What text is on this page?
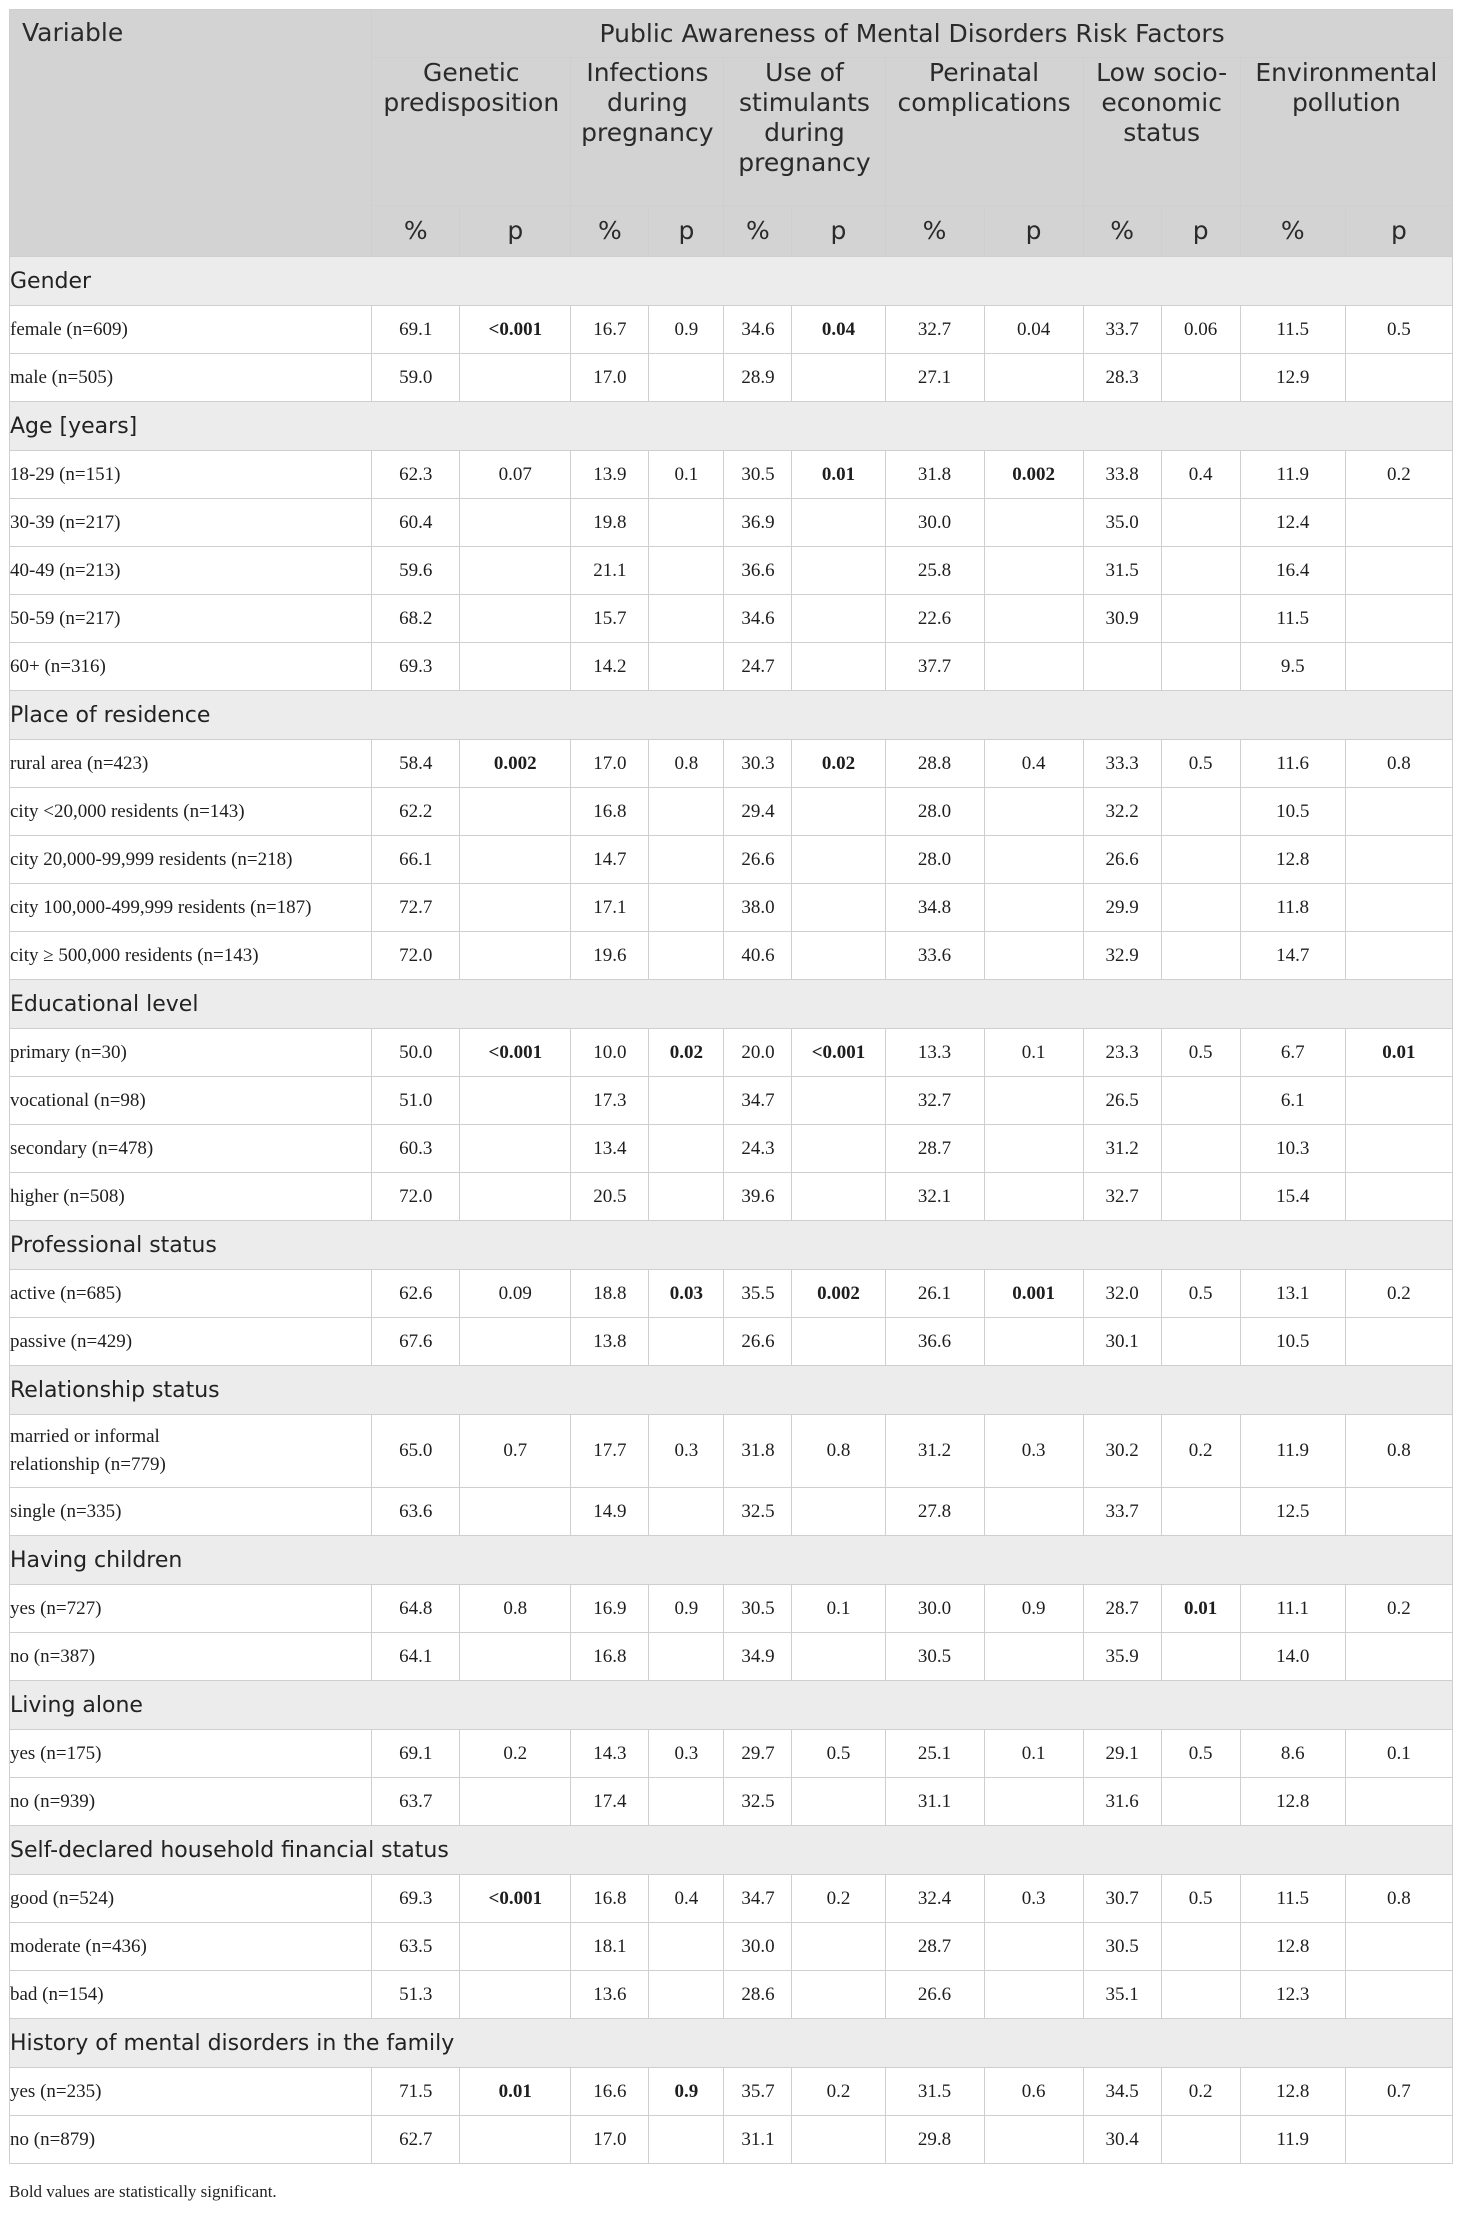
Variable	Public Awareness of Mental Disorders Risk Factors											
	Genetic predisposition		Infections during pregnancy		Use of stimulants during pregnancy		Perinatal complications		Low socio-economic status		Environmental pollution	
	%	p	%	p	%	p	%	p	%	p	%	p
Gender												
female (n=609)	69.1	<0.001	16.7	0.9	34.6	0.04	32.7	0.04	33.7	0.06	11.5	0.5
male (n=505)	59.0		17.0		28.9		27.1		28.3		12.9	
Age [years]												
18-29 (n=151)	62.3	0.07	13.9	0.1	30.5	0.01	31.8	0.002	33.8	0.4	11.9	0.2
30-39 (n=217)	60.4		19.8		36.9		30.0		35.0		12.4	
40-49 (n=213)	59.6		21.1		36.6		25.8		31.5		16.4	
50-59 (n=217)	68.2		15.7		34.6		22.6		30.9		11.5	
60+ (n=316)	69.3		14.2		24.7		37.7				9.5	
Place of residence												
rural area (n=423)	58.4	0.002	17.0	0.8	30.3	0.02	28.8	0.4	33.3	0.5	11.6	0.8
city <20,000 residents (n=143)	62.2		16.8		29.4		28.0		32.2		10.5	
city 20,000-99,999 residents (n=218)	66.1		14.7		26.6		28.0		26.6		12.8	
city 100,000-499,999 residents (n=187)	72.7		17.1		38.0		34.8		29.9		11.8	
city ≥ 500,000 residents (n=143)	72.0		19.6		40.6		33.6		32.9		14.7	
Educational level												
primary (n=30)	50.0	<0.001	10.0	0.02	20.0	<0.001	13.3	0.1	23.3	0.5	6.7	0.01
vocational (n=98)	51.0		17.3		34.7		32.7		26.5		6.1	
secondary (n=478)	60.3		13.4		24.3		28.7		31.2		10.3	
higher (n=508)	72.0		20.5		39.6		32.1		32.7		15.4	
Professional status												
active (n=685)	62.6	0.09	18.8	0.03	35.5	0.002	26.1	0.001	32.0	0.5	13.1	0.2
passive (n=429)	67.6		13.8		26.6		36.6		30.1		10.5	
Relationship status												
married or informal relationship (n=779)	65.0	0.7	17.7	0.3	31.8	0.8	31.2	0.3	30.2	0.2	11.9	0.8
single (n=335)	63.6		14.9		32.5		27.8		33.7		12.5	
Having children												
yes (n=727)	64.8	0.8	16.9	0.9	30.5	0.1	30.0	0.9	28.7	0.01	11.1	0.2
no (n=387)	64.1		16.8		34.9		30.5		35.9		14.0	
Living alone												
yes (n=175)	69.1	0.2	14.3	0.3	29.7	0.5	25.1	0.1	29.1	0.5	8.6	0.1
no (n=939)	63.7		17.4		32.5		31.1		31.6		12.8	
Self-declared household financial status												
good (n=524)	69.3	<0.001	16.8	0.4	34.7	0.2	32.4	0.3	30.7	0.5	11.5	0.8
moderate (n=436)	63.5		18.1		30.0		28.7		30.5		12.8	
bad (n=154)	51.3		13.6		28.6		26.6		35.1		12.3	
History of mental disorders in the family												
yes (n=235)	71.5	0.01	16.6	0.9	35.7	0.2	31.5	0.6	34.5	0.2	12.8	0.7
no (n=879)	62.7		17.0		31.1		29.8		30.4		11.9	
Bold values are statistically significant.
